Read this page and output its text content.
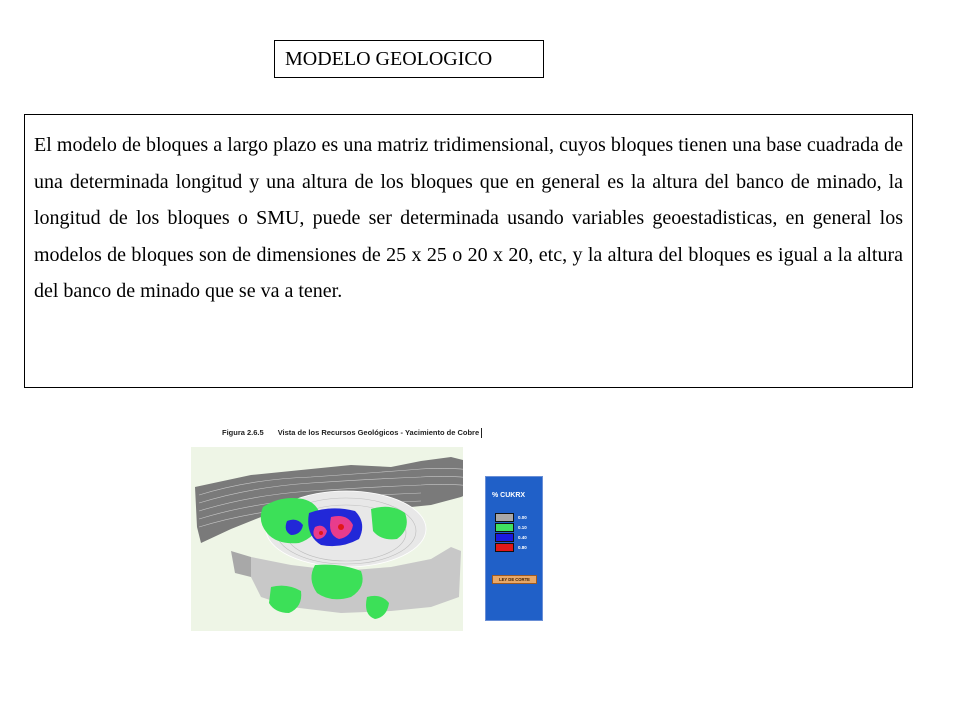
MODELO GEOLOGICO
El modelo de bloques a largo plazo es una matriz tridimensional, cuyos bloques tienen una base cuadrada de una determinada longitud y una altura de los bloques que en general es la altura del banco de minado, la longitud de los bloques o SMU, puede ser determinada usando variables geoestadisticas, en general los modelos de bloques son de dimensiones de 25 x 25 o 20 x 20, etc, y la altura del bloques es igual a la altura del banco de minado que se va a tener.
Figura 2.6.5 Vista de los Recursos Geológicos - Yacimiento de Cobre
% CUKRX
0.00
0.10
0.40
0.80
LEY DE CORTE
